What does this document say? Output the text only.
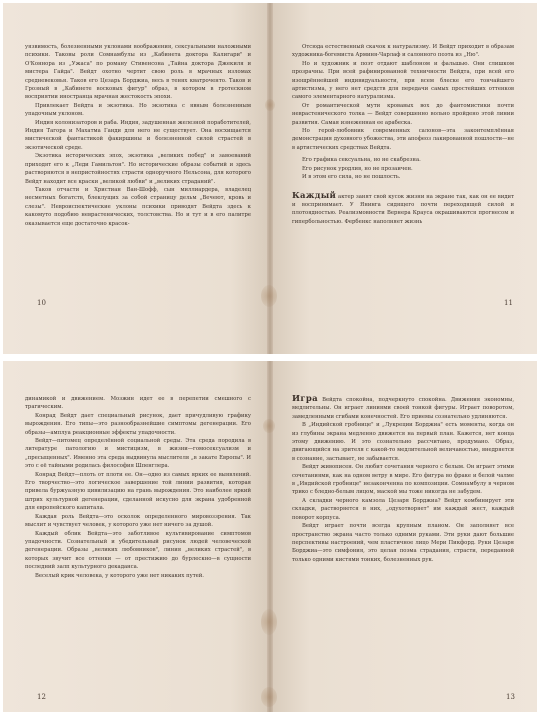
уязвимость, болезненными уклонами воображения, сексуальными наложными психики. Таковы роли Сомнамбулы из „Кабинета доктора Калигари" и О'Коннора из „Ужаса" по роману Стивенсона „Тайна доктора Джекиля и мистера Гайда". Вейдт охотно чертит свою роль в мрачных изломах средневековья. Таков его Цезарь Борджиа, весь в тенях кватроченто. Таков и Грозный в „Кабинете восковых фигур" образ, в котором в гротескном восприятии иностранца мрачная жестокость эпохи.

Привлекает Вейдта и экзотика. Но экзотика с явным болезненным упадочным уклоном.

Индия колонизаторов и раба. Индия, задушенная железной поработителей, Индия Тагора и Махатма Ганди для него не существует. Она восхищается мистической фантастикой факиршины и болезненной силой страстей в экзотической среде.

Экзотика исторических эпох, экзотика „великих побед" и завоеваний приходят его к „Леди Гамильтон". Но исторические образы событий и здесь растворяются в непристойностях страсти одноручного Нельсона, для которого Вейдт находит все краски „великой любви" и „великих страданий".

Таков отчасти и Христиан Ван-Шофф, сын миллиардера, владелец несметных богатств, блеклущих за собой страницу дельм „Вечеют, кровь и слезы". Невроиспектические уклоны психики приводят Вейдта здесь к какомуто подобию неврастенических, толстовства. Но и тут и в его палитре оказывается еще достаточно красок-

10

Отсюда естественный скачок к натурализму. И Вейдт приходит в образам художника-богемиста Арминя-Чарлаф и салонного поэта из „Ню".

Но и художник и поэт отдают шаблоном и фальшью. Они слишком прозрачны. При всей рафинированной техничности Вейдта, при всей его изощрённейшей индивидуальности, при всем блеске его тончайшего артистизма, у него нет средств для передачи самых простейших оттенков самого элементарного натурализма.

От романтической мути кровавых вох до фантомистики почти неврастенического толка — Вейдт совершенно вольно пройдено этой линии развития. Самая изнеженная ее арабеска.

Но герой-любовник современных салонов—эта законтемплённая демонстрация духовного убожества, эти апофеоз лакированной пошлости—не в артистических средствах Вейдта.

Его графика сексуальна, но не скабрезна.

Его рисунок уродлив, но не прозаичен.

И в этом его сила, но не пошлость.

Каждый актер занят свой кусок жизни на экране так, как он ее видит и воспринимает. У Янинга сидящего почти переходящей силой и плотоядностью. Реализмовности Вернера Крауса окрашиваются прогнесом и гипербольностью. Фербенкс наполняет жизнь

11

динамикой и движением. Мозжин идет ее в перепетии смешного с трагическим.

Конрад Вейдт дает специальный рисунок, дает причудливую графику вырождения. Его типы—это разнообразнейшие симптомы дегенерации. Его образы—амплуа реакционные эффекты упадочности.

Вейдт—питомец определённой социальной среды. Эта среда породила в литературе патологию и мистицизм, в жизни—гомосексуализм и „пресыщенных". Именно эта среда выдвинула мыслителя „в закате Европы". И это с её тайными родилась философия Шпенглера.

Конрад Вейдт—плоть от плоти ее. Он—одно из самых ярких ее выявлений. Его творчество—это логическое завершение той линии развития, которая привела буржуазную цивилизацию на грань вырождения. Это наиболее яркий штрих культурной дегенерации, сделанной искусно для экрана удобренной для европейского капитала.

Каждая роль Вейдта—это осколок определенного мировоззрения. Так мыслит и чувствует человек, у которого уже нет ничего за душой.

Каждый облик Вейдта—это заботливое культивирование симптомов упадочности. Сознательный и убедительный рисунок людей человеческой дегенерации. Образы „великих любовников", линия „великих страстей", в которых звучит все оттенки — от престижию до бурлескно—в сущности последний залп культурного декаданса.

Веселый крик человека, у которого уже нет никаких путей.

12

Игра Вейдта спокойна, подчеркнуто спокойна. Движения экономны, медлительны. Он играет линиями своей тонкой фигуры. Играет поворотом, замедленными сгибами конечностей. Его приемы сознательно удлиняются.

В „Индийской гробнице" и „Лукреции Борджиа" есть моменты, когда он из глубины экрана медленно движется на первый план. Кажется, нет конца этому движению. И это сознательно рассчитано, продумано. Образ, двигающийся на зрителя с какой-то медлительной величавостью, внедряется в сознание, застывает, не забывается.

Вейдт живописен. Он любит сочетания черного с белым. Он играет этими сочетаниями, как на одном ветру в мире. Его фигура во фраке и белой чалме в „Индийской гробнице" незаконченна по композиции. Сомнамбулу в черном трико с бледно-белым лицом, маской мы тоже никогда не забудем.

А складки черного камзола Цезаря Борджиа? Вейдт комбинирует эти складки, растворяется в них, „одухотворяет" им каждый жест, каждый поворот корпуса.

Вейдт играет почти всегда крупным планом. Он заполняет все пространство экрана часто только одними руками. Эти руки дают большие перспективы настроений, чем пластичное лицо Мери Пикфорд. Руки Цезаря Борджиа—это симфония, это целая поэма страдания, страсти, переданной только одними кистями тонких, болезненных рук.

13
